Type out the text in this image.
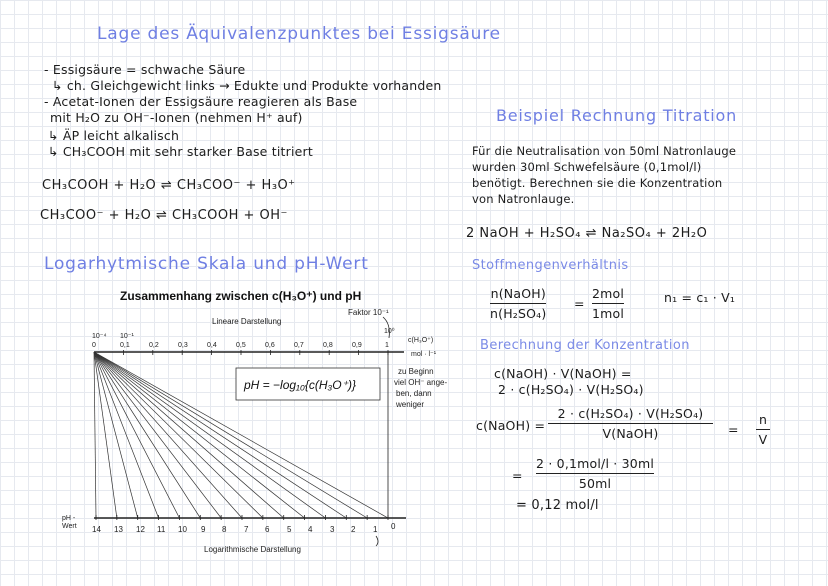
Lage des Äquivalenzpunktes bei Essigsäure
- Essigsäure = schwache Säure
↳ ch. Gleichgewicht links → Edukte und Produkte vorhanden
- Acetat-Ionen der Essigsäure reagieren als Base
mit H₂O zu OH⁻-Ionen (nehmen H⁺ auf)
↳ ÄP leicht alkalisch
↳ CH₃COOH mit sehr starker Base titriert
CH₃COOH + H₂O ⇌ CH₃COO⁻ + H₃O⁺
CH₃COO⁻ + H₂O ⇌ CH₃COOH + OH⁻
Logarhytmische Skala und pH-Wert
Zusammenhang zwischen c(H₃O⁺) und pH
Faktor 10⁻¹
Lineare Darstellung
10⁻⁴ 10⁻¹
0
10⁰
0,1	0,2	0,3	0,4	0,5	0,6	0,7	0,8	0,9	1
c(H₃O⁺)
mol · l⁻¹
pH = −log₁₀{c(H₃O⁺)}
zu Beginn
viel OH⁻ ange-
ben, dann
weniger
pH -
Wert 14 13 12 11 10 9 8 7 6 5 4 3 2 1 0
Logarithmische Darstellung
Beispiel Rechnung Titration
Für die Neutralisation von 50ml Natronlauge
wurden 30ml Schwefelsäure (0,1mol/l)
benötigt. Berechnen sie die Konzentration
von Natronlauge.
2 NaOH + H₂SO₄ ⇌ Na₂SO₄ + 2H₂O
Stoffmengenverhältnis
n(NaOH)
n(H₂SO₄)
=
2mol
1mol
n₁ = c₁ · V₁
Berechnung der Konzentration
c(NaOH) · V(NaOH) =
2 · c(H₂SO₄) · V(H₂SO₄)
c(NaOH) =
2 · c(H₂SO₄) · V(H₂SO₄)
V(NaOH)	=
n
V
=
2 · 0,1mol/l · 30ml
50ml
= 0,12 mol/l
